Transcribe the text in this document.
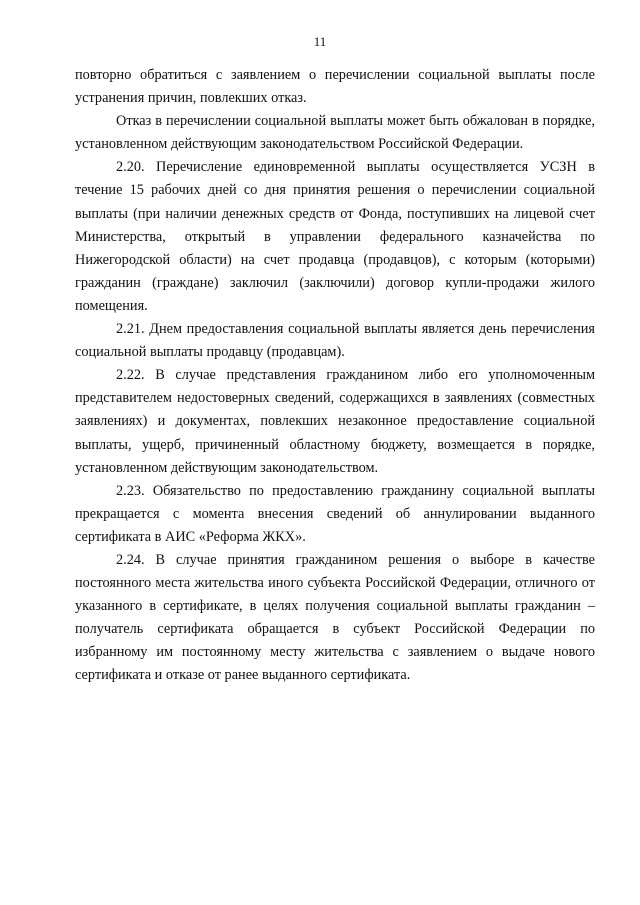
11

повторно обратиться с заявлением о перечислении социальной выплаты после устранения причин, повлекших отказ.

Отказ в перечислении социальной выплаты может быть обжалован в порядке, установленном действующим законодательством Российской Федерации.

2.20. Перечисление единовременной выплаты осуществляется УСЗН в течение 15 рабочих дней со дня принятия решения о перечислении социальной выплаты (при наличии денежных средств от Фонда, поступивших на лицевой счет Министерства, открытый в управлении федерального казначейства по Нижегородской области) на счет продавца (продавцов), с которым (которыми) гражданин (граждане) заключил (заключили) договор купли-продажи жилого помещения.

2.21. Днем предоставления социальной выплаты является день перечисления социальной выплаты продавцу (продавцам).

2.22. В случае представления гражданином либо его уполномоченным представителем недостоверных сведений, содержащихся в заявлениях (совместных заявлениях) и документах, повлекших незаконное предоставление социальной выплаты, ущерб, причиненный областному бюджету, возмещается в порядке, установленном действующим законодательством.

2.23. Обязательство по предоставлению гражданину социальной выплаты прекращается с момента внесения сведений об аннулировании выданного сертификата в АИС «Реформа ЖКХ».

2.24. В случае принятия гражданином решения о выборе в качестве постоянного места жительства иного субъекта Российской Федерации, отличного от указанного в сертификате, в целях получения социальной выплаты гражданин – получатель сертификата обращается в субъект Российской Федерации по избранному им постоянному месту жительства с заявлением о выдаче нового сертификата и отказе от ранее выданного сертификата.
